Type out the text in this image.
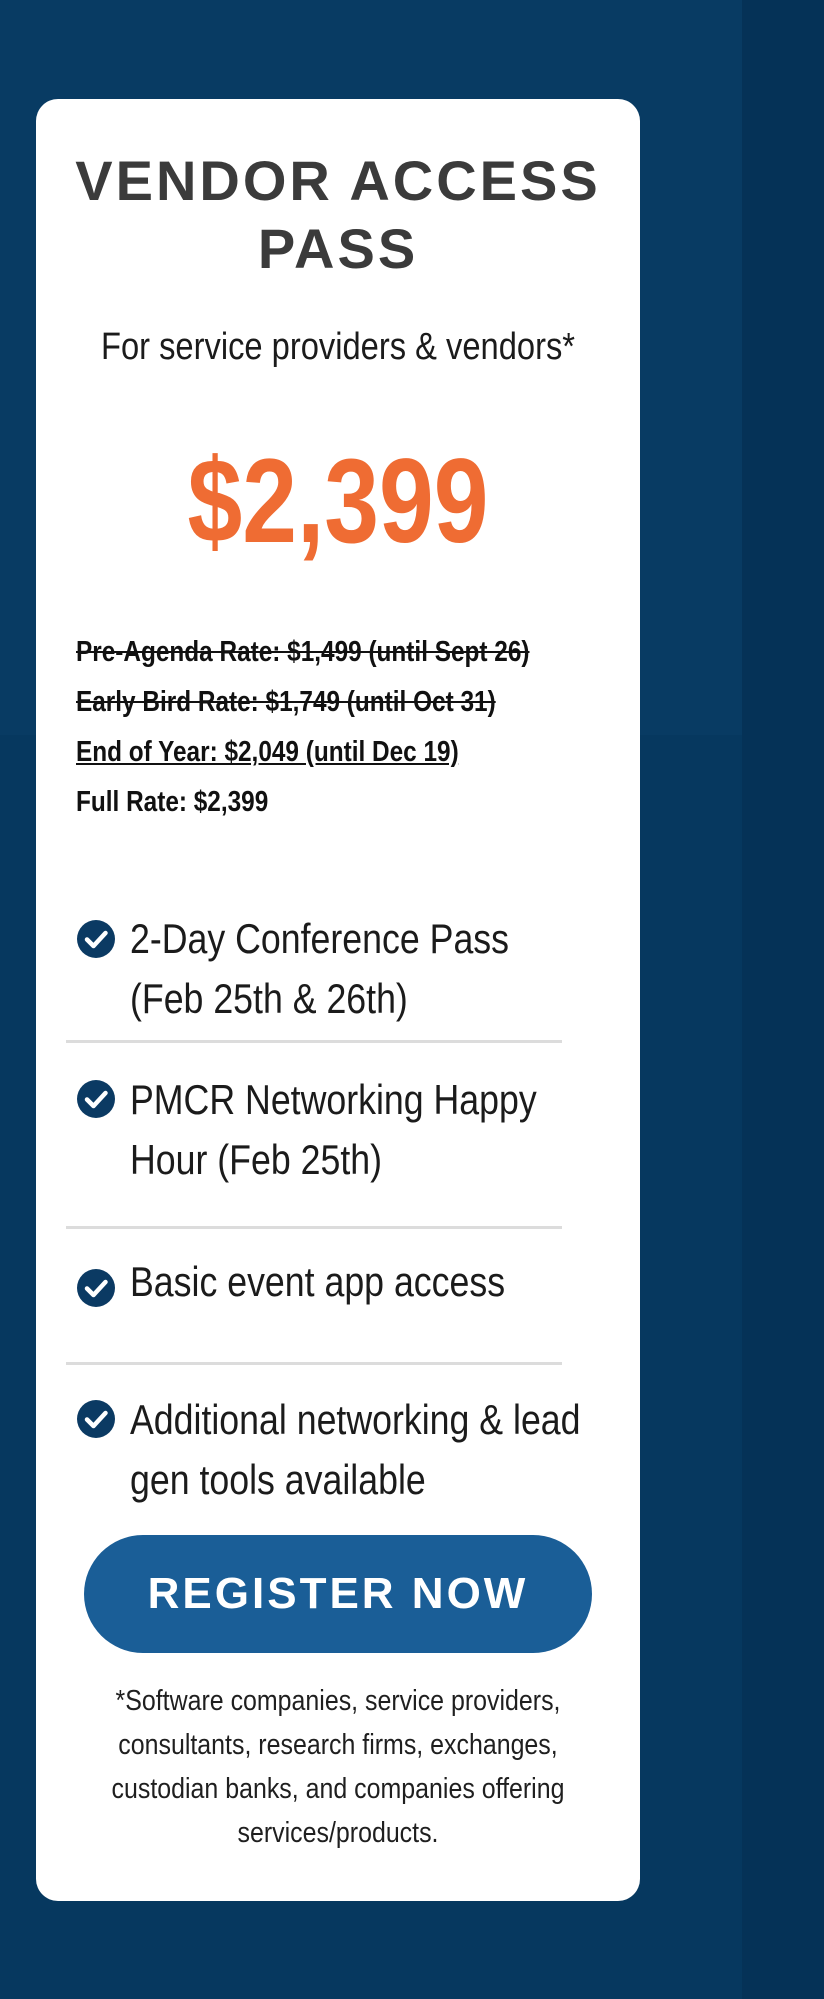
VENDOR ACCESS PASS
For service providers & vendors*
$2,399
Pre-Agenda Rate: $1,499 (until Sept 26)
Early Bird Rate: $1,749 (until Oct 31)
End of Year: $2,049 (until Dec 19)
Full Rate: $2,399
2-Day Conference Pass (Feb 25th & 26th)
PMCR Networking Happy Hour (Feb 25th)
Basic event app access
Additional networking & lead gen tools available
REGISTER NOW
*Software companies, service providers, consultants, research firms, exchanges, custodian banks, and companies offering services/products.
